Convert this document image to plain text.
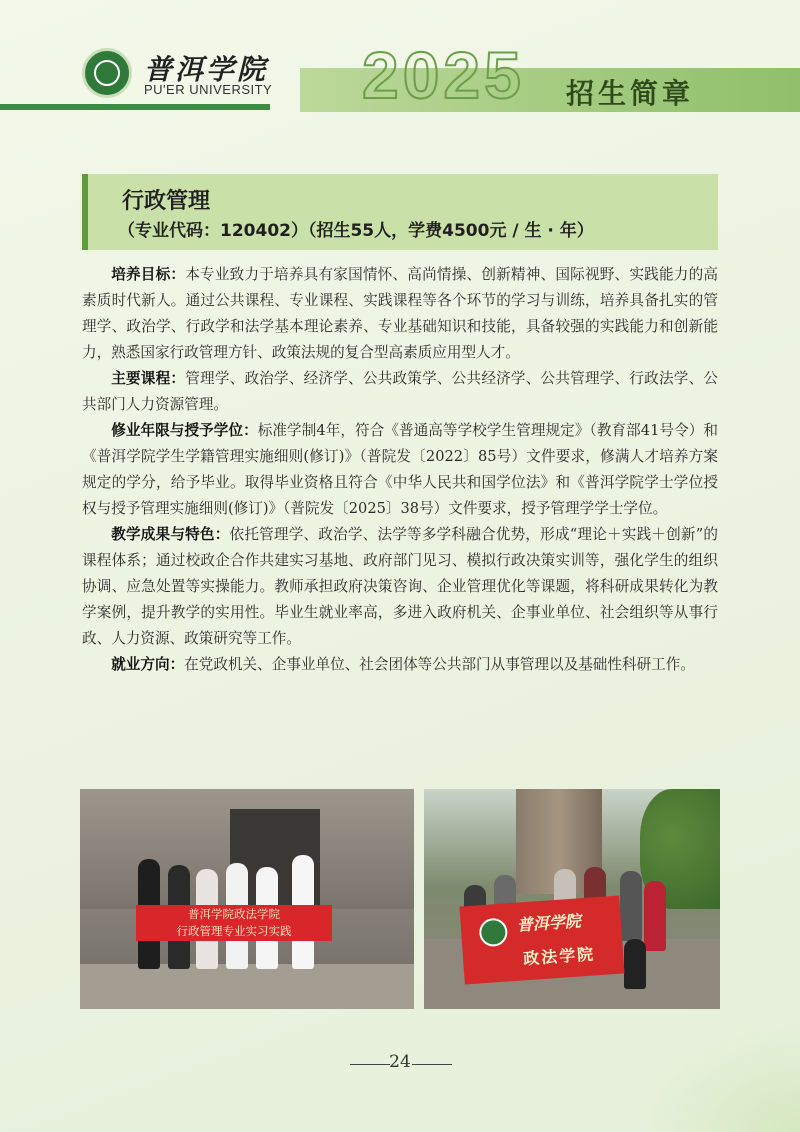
普洱学院
PU'ER UNIVERSITY 2025 招生简章
行政管理
（专业代码：120402）（招生55人，学费4500元 / 生 · 年）

培养目标：本专业致力于培养具有家国情怀、高尚情操、创新精神、国际视野、实践能力的高素质时代新人。通过公共课程、专业课程、实践课程等各个环节的学习与训练，培养具备扎实的管理学、政治学、行政学和法学基本理论素养、专业基础知识和技能，具备较强的实践能力和创新能力，熟悉国家行政管理方针、政策法规的复合型高素质应用型人才。

主要课程：管理学、政治学、经济学、公共政策学、公共经济学、公共管理学、行政法学、公共部门人力资源管理。

修业年限与授予学位：标准学制4年，符合《普通高等学校学生管理规定》（教育部41号令）和《普洱学院学生学籍管理实施细则(修订)》（普院发〔2022〕85号）文件要求，修满人才培养方案规定的学分，给予毕业。取得毕业资格且符合《中华人民共和国学位法》和《普洱学院学士学位授权与授予管理实施细则(修订)》（普院发〔2025〕38号）文件要求，授予管理学学士学位。

教学成果与特色：依托管理学、政治学、法学等多学科融合优势，形成“理论＋实践＋创新”的课程体系；通过校政企合作共建实习基地、政府部门见习、模拟行政决策实训等，强化学生的组织协调、应急处置等实操能力。教师承担政府决策咨询、企业管理优化等课题，将科研成果转化为教学案例，提升教学的实用性。毕业生就业率高，多进入政府机关、企事业单位、社会组织等从事行政、人力资源、政策研究等工作。

就业方向：在党政机关、企事业单位、社会团体等公共部门从事管理以及基础性科研工作。

普洱学院政法学院
行政管理专业实习实践	普洱学院
政法学院
24
